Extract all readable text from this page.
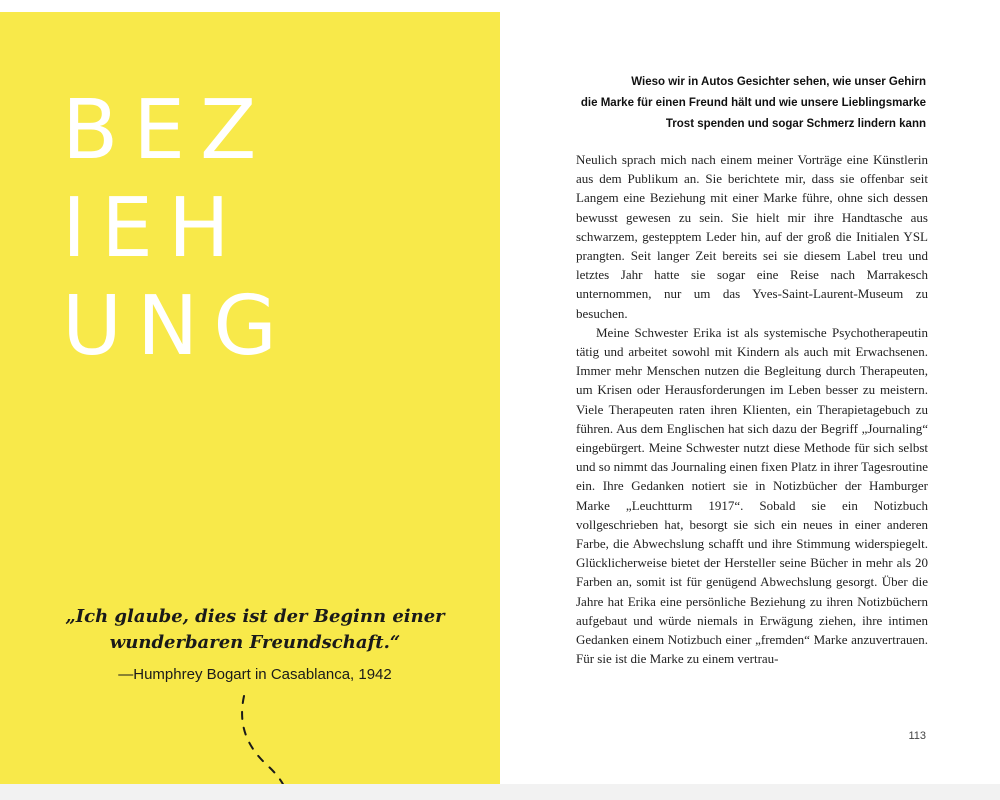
BEZ
IEH
UNG

„Ich glaube, dies ist der Beginn einer
wunderbaren Freundschaft.“

—Humphrey Bogart in Casablanca, 1942
Wieso wir in Autos Gesichter sehen, wie unser Gehirn
die Marke für einen Freund hält und wie unsere Lieblingsmarke
Trost spenden und sogar Schmerz lindern kann

Neulich sprach mich nach einem meiner Vorträge eine Künstlerin aus dem Publikum an. Sie berichtete mir, dass sie offenbar seit Langem eine Beziehung mit einer Marke führe, ohne sich dessen bewusst gewesen zu sein. Sie hielt mir ihre Handtasche aus schwarzem, gestepptem Leder hin, auf der groß die Initialen YSL prangten. Seit langer Zeit bereits sei sie diesem Label treu und letztes Jahr hatte sie sogar eine Reise nach Marrakesch unternommen, nur um das Yves-Saint-Laurent-Museum zu besuchen.

Meine Schwester Erika ist als systemische Psychotherapeutin tätig und arbeitet sowohl mit Kindern als auch mit Erwachsenen. Immer mehr Menschen nutzen die Begleitung durch Therapeuten, um Krisen oder Herausforderungen im Leben besser zu meistern. Viele Therapeuten raten ihren Klienten, ein Therapietagebuch zu führen. Aus dem Englischen hat sich dazu der Begriff „Journaling“ eingebürgert. Meine Schwester nutzt diese Methode für sich selbst und so nimmt das Journaling einen fixen Platz in ihrer Tagesroutine ein. Ihre Gedanken notiert sie in Notizbücher der Hamburger Marke „Leuchtturm 1917“. Sobald sie ein Notizbuch vollgeschrieben hat, besorgt sie sich ein neues in einer anderen Farbe, die Abwechslung schafft und ihre Stimmung widerspiegelt. Glücklicherweise bietet der Hersteller seine Bücher in mehr als 20 Farben an, somit ist für genügend Abwechslung gesorgt. Über die Jahre hat Erika eine persönliche Beziehung zu ihren Notizbüchern aufgebaut und würde niemals in Erwägung ziehen, ihre intimen Gedanken einem Notizbuch einer „fremden“ Marke anzuvertrauen. Für sie ist die Marke zu einem vertrau-

113
